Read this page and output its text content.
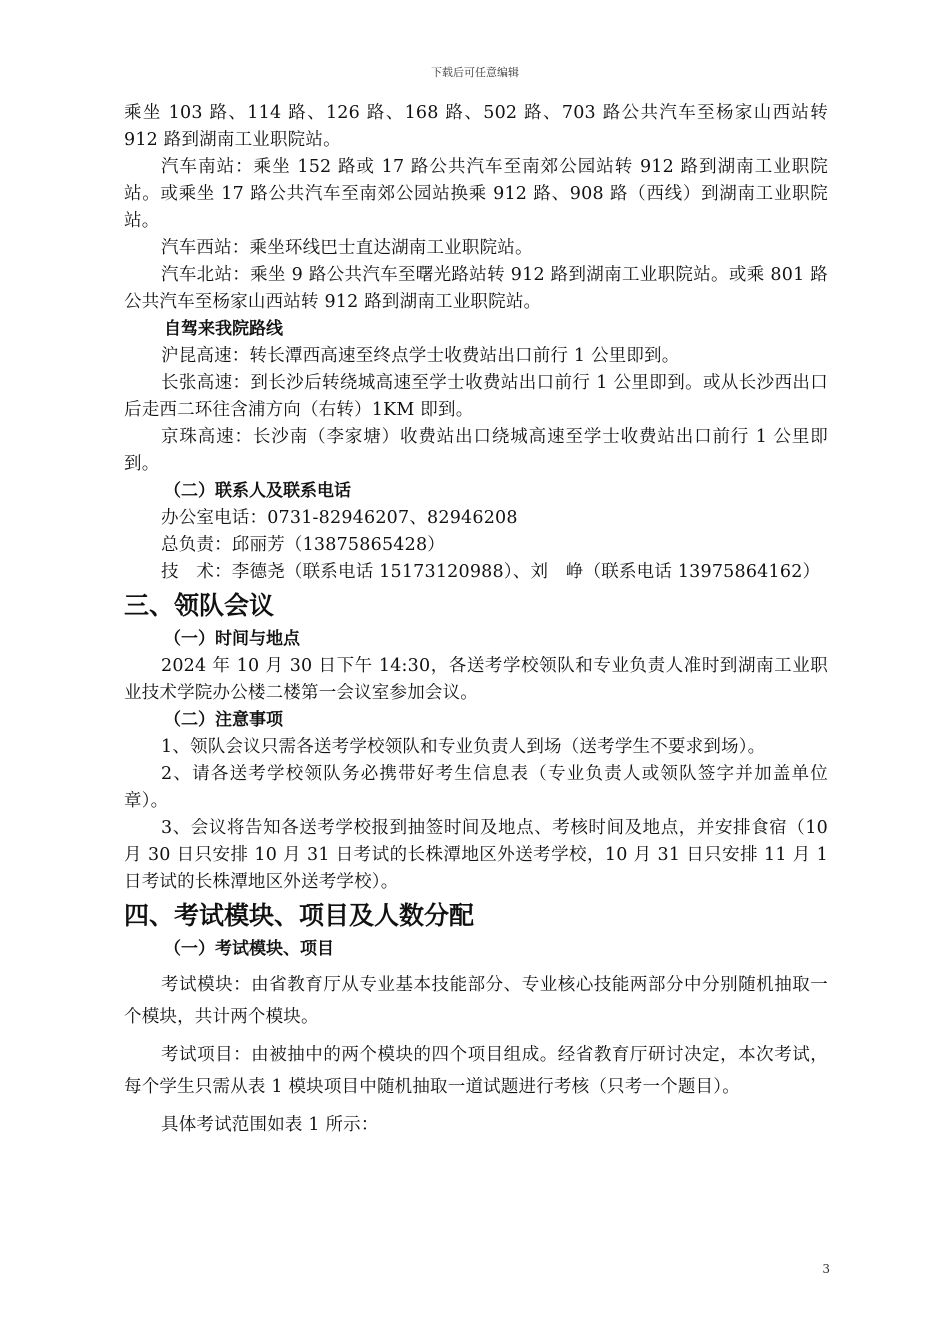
下载后可任意编辑

乘坐 103 路、114 路、126 路、168 路、502 路、703 路公共汽车至杨家山西站转 912 路到湖南工业职院站。

汽车南站：乘坐 152 路或 17 路公共汽车至南郊公园站转 912 路到湖南工业职院站。或乘坐 17 路公共汽车至南郊公园站换乘 912 路、908 路（西线）到湖南工业职院站。

汽车西站：乘坐环线巴士直达湖南工业职院站。

汽车北站：乘坐 9 路公共汽车至曙光路站转 912 路到湖南工业职院站。或乘 801 路公共汽车至杨家山西站转 912 路到湖南工业职院站。

自驾来我院路线

沪昆高速：转长潭西高速至终点学士收费站出口前行 1 公里即到。

长张高速：到长沙后转绕城高速至学士收费站出口前行 1 公里即到。或从长沙西出口后走西二环往含浦方向（右转）1KM 即到。

京珠高速：长沙南（李家塘）收费站出口绕城高速至学士收费站出口前行 1 公里即到。

（二）联系人及联系电话

办公室电话：0731-82946207、82946208

总负责：邱丽芳（13875865428）

技　术：李德尧（联系电话 15173120988）、刘　峥（联系电话 13975864162）

三、领队会议

（一）时间与地点

2024 年 10 月 30 日下午 14:30，各送考学校领队和专业负责人准时到湖南工业职业技术学院办公楼二楼第一会议室参加会议。

（二）注意事项

1、领队会议只需各送考学校领队和专业负责人到场（送考学生不要求到场）。

2、请各送考学校领队务必携带好考生信息表（专业负责人或领队签字并加盖单位章）。

3、会议将告知各送考学校报到抽签时间及地点、考核时间及地点，并安排食宿（10 月 30 日只安排 10 月 31 日考试的长株潭地区外送考学校，10 月 31 日只安排 11 月 1 日考试的长株潭地区外送考学校）。

四、考试模块、项目及人数分配

（一）考试模块、项目

考试模块：由省教育厅从专业基本技能部分、专业核心技能两部分中分别随机抽取一个模块，共计两个模块。

考试项目：由被抽中的两个模块的四个项目组成。经省教育厅研讨决定，本次考试，每个学生只需从表 1 模块项目中随机抽取一道试题进行考核（只考一个题目）。

具体考试范围如表 1 所示：

3
